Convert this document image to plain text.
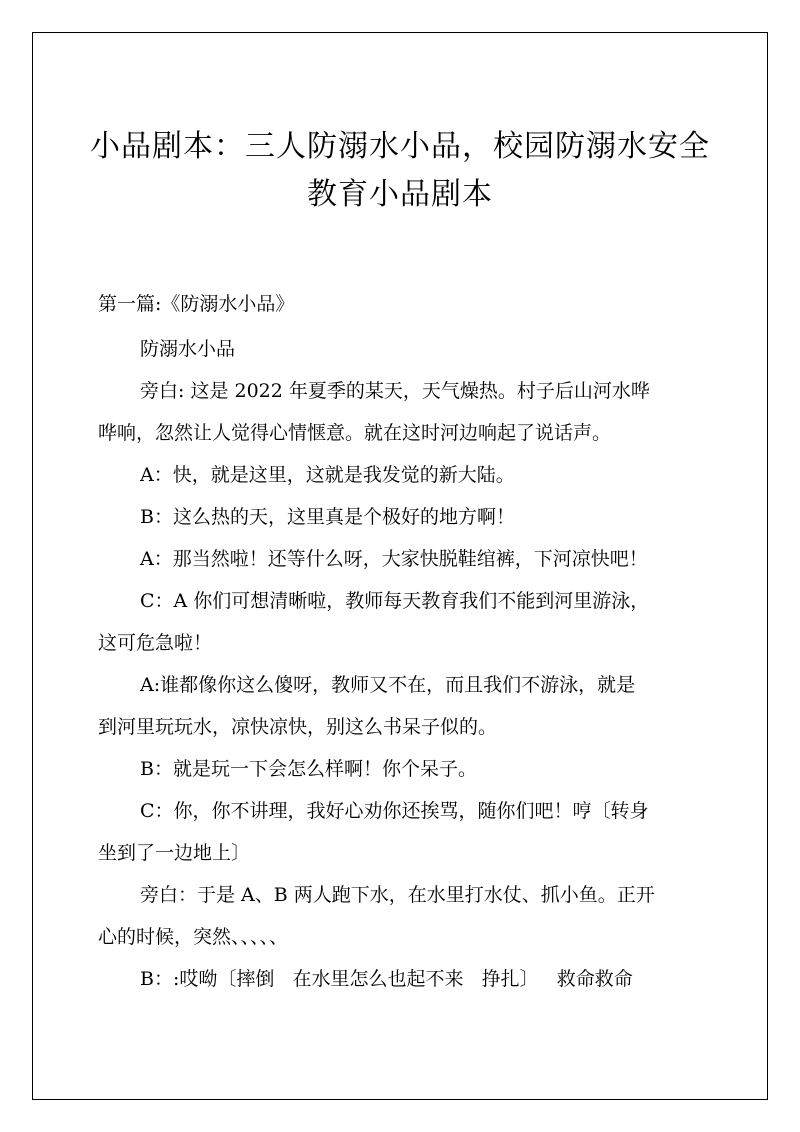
小品剧本：三人防溺水小品，校园防溺水安全
教育小品剧本
第一篇:《防溺水小品》
防溺水小品
旁白: 这是 2022 年夏季的某天，天气燥热。村子后山河水哗
哗响，忽然让人觉得心情惬意。就在这时河边响起了说话声。
A：快，就是这里，这就是我发觉的新大陆。
B：这么热的天，这里真是个极好的地方啊！
A：那当然啦！还等什么呀，大家快脱鞋绾裤，下河凉快吧！
C：A 你们可想清晰啦，教师每天教育我们不能到河里游泳，
这可危急啦！
A:谁都像你这么傻呀，教师又不在，而且我们不游泳，就是
到河里玩玩水，凉快凉快，别这么书呆子似的。
B：就是玩一下会怎么样啊！你个呆子。
C：你，你不讲理，我好心劝你还挨骂，随你们吧！哼〔转身
坐到了一边地上〕
旁白：于是 A、B 两人跑下水，在水里打水仗、抓小鱼。正开
心的时候，突然、、、、、
B：:哎呦〔摔倒   在水里怎么也起不来   挣扎〕   救命救命
